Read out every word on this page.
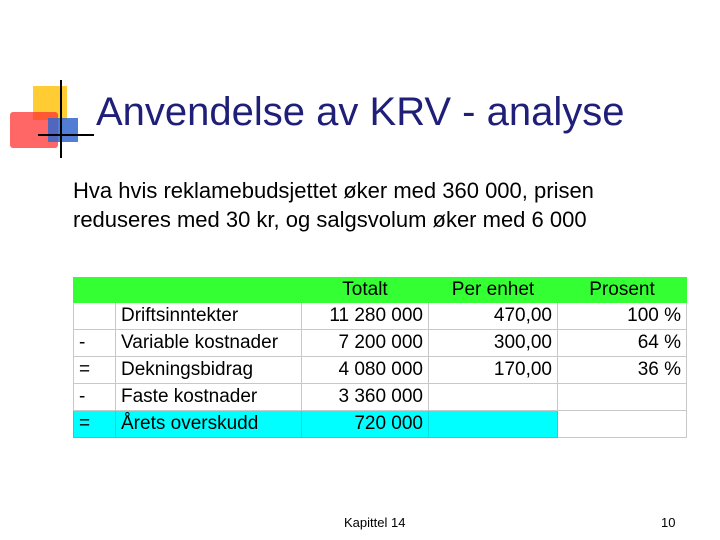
Anvendelse av KRV - analyse
Hva hvis reklamebudsjettet øker med 360 000, prisen reduseres med 30 kr, og salgsvolum øker med 6 000
		Totalt	Per enhet	Prosent
	Driftsinntekter	11 280 000	470,00	100 %
-	Variable kostnader	7 200 000	300,00	64 %
=	Dekningsbidrag	4 080 000	170,00	36 %
-	Faste kostnader	3 360 000		
=	Årets overskudd	720 000		
Kapittel 14	10
